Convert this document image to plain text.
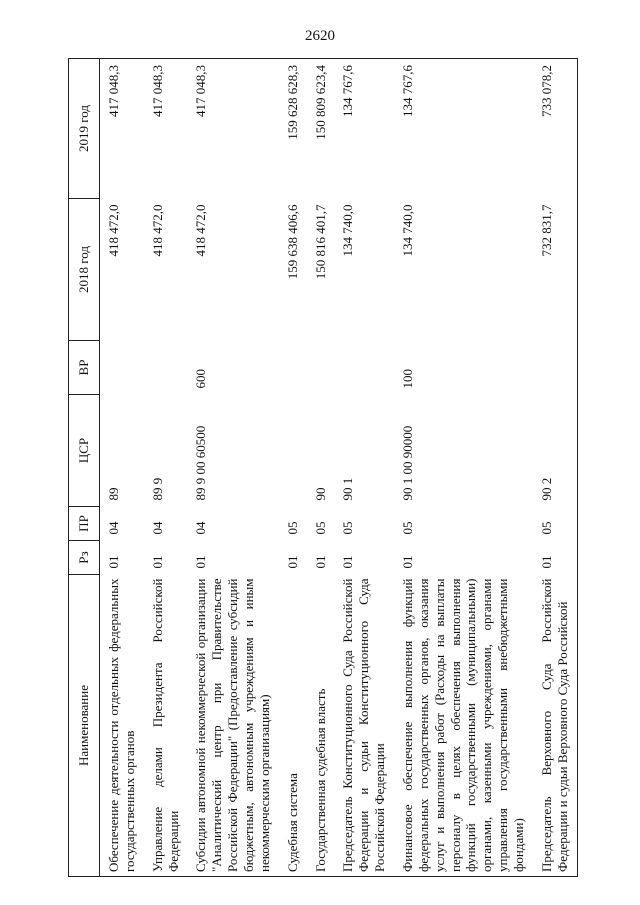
2620
Наименование	Рз	ПР	ЦСР	ВР	2018 год	2019 год
Обеспечение деятельности отдельных федеральных государственных органов	01	04	89		418 472,0	417 048,3
Управление делами Президента Российской Федерации	01	04	89 9		418 472,0	417 048,3
Субсидии автономной некоммерческой организации "Аналитический центр при Правительстве Российской Федерации" (Предоставление субсидий бюджетным, автономным учреждениям и иным некоммерческим организациям)	01	04	89 9 00 60500	600	418 472,0	417 048,3
Судебная система	01	05			159 638 406,6	159 628 628,3
Государственная судебная власть	01	05	90		150 816 401,7	150 809 623,4
Председатель Конституционного Суда Российской Федерации и судьи Конституционного Суда Российской Федерации	01	05	90 1		134 740,0	134 767,6
Финансовое обеспечение выполнения функций федеральных государственных органов, оказания услуг и выполнения работ (Расходы на выплаты персоналу в целях обеспечения выполнения функций государственными (муниципальными) органами, казенными учреждениями, органами управления государственными внебюджетными фондами)	01	05	90 1 00 90000	100	134 740,0	134 767,6
Председатель Верховного Суда Российской Федерации и судьи Верховного Суда Российской	01	05	90 2		732 831,7	733 078,2
